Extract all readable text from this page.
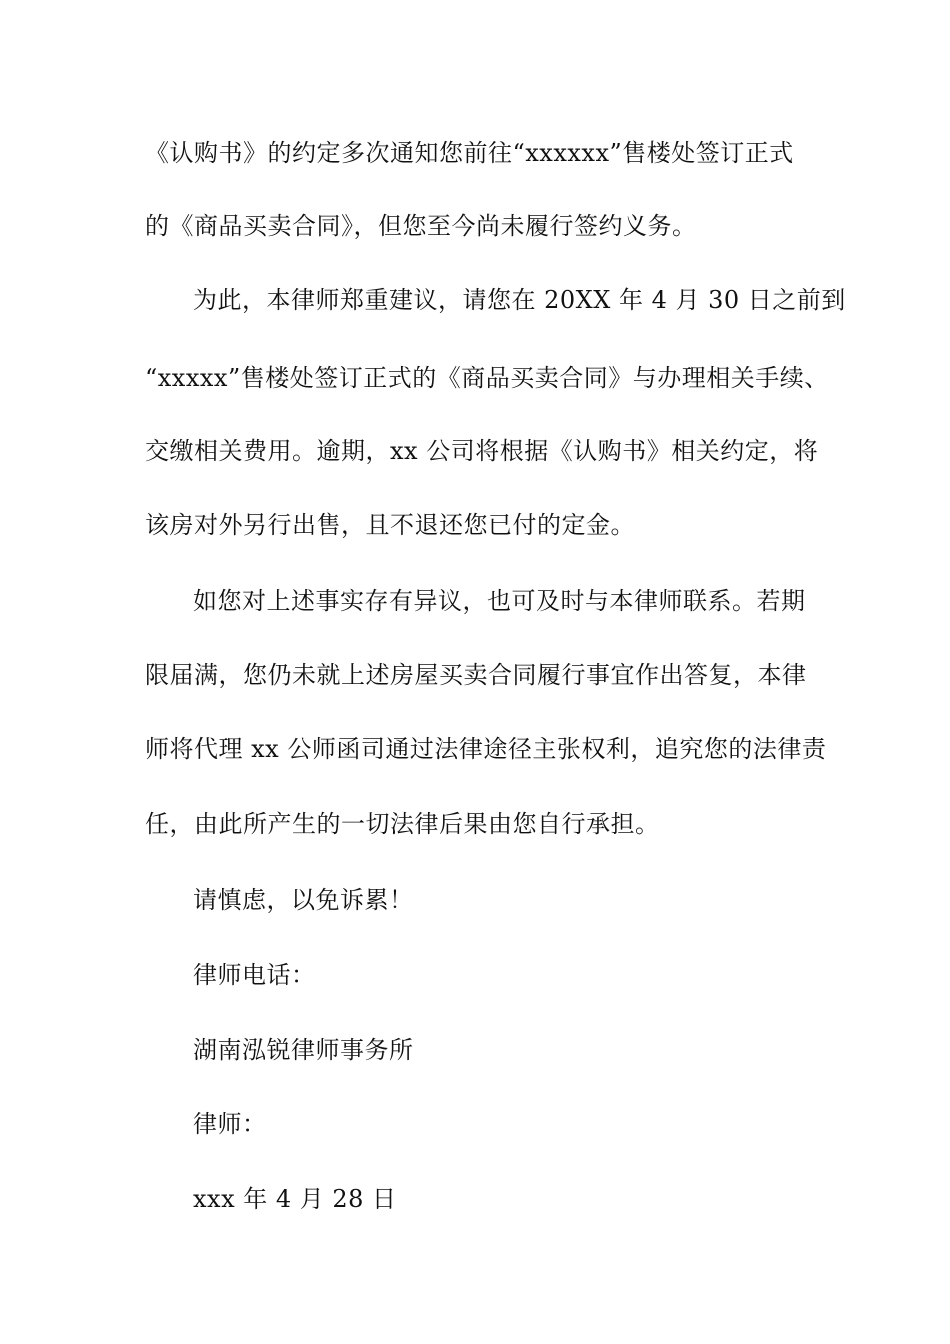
《认购书》的约定多次通知您前往“xxxxxx”售楼处签订正式
的《商品买卖合同》，但您至今尚未履行签约义务。
为此，本律师郑重建议，请您在 20XX 年 4 月 30 日之前到
“xxxxx”售楼处签订正式的《商品买卖合同》与办理相关手续、
交缴相关费用。逾期，xx 公司将根据《认购书》相关约定，将
该房对外另行出售，且不退还您已付的定金。
如您对上述事实存有异议，也可及时与本律师联系。若期
限届满，您仍未就上述房屋买卖合同履行事宜作出答复，本律
师将代理 xx 公师函司通过法律途径主张权利，追究您的法律责
任，由此所产生的一切法律后果由您自行承担。
请慎虑，以免诉累！
律师电话：
湖南泓锐律师事务所
律师：
xxx 年 4 月 28 日
